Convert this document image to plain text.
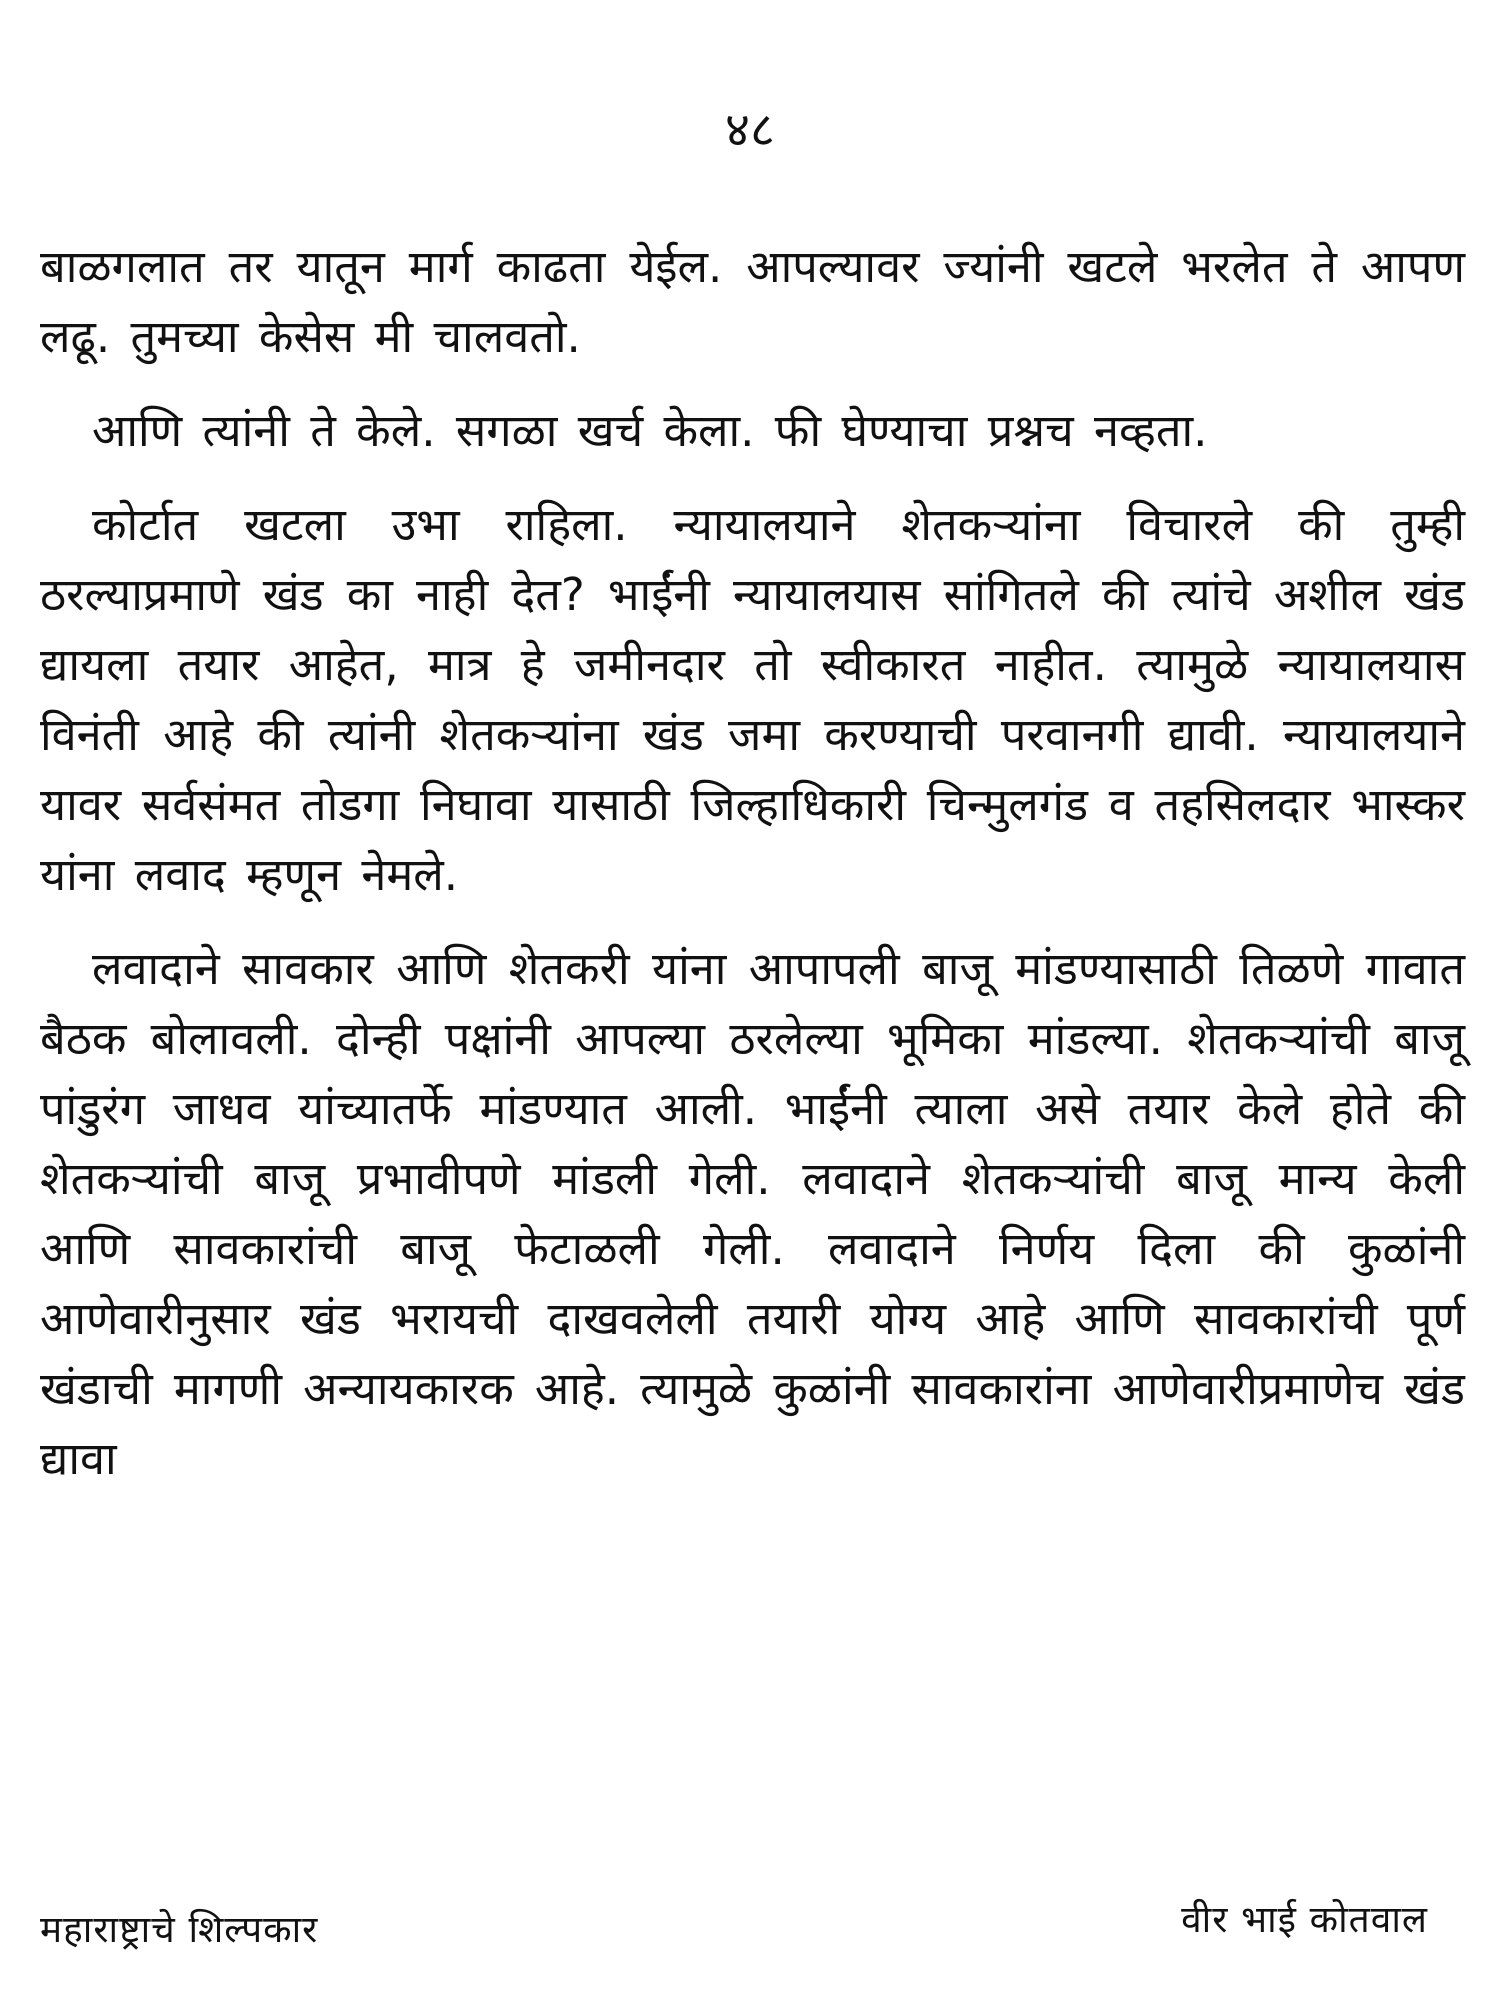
४८

बाळगलात तर यातून मार्ग काढता येईल. आपल्यावर ज्यांनी खटले भरलेत ते आपण लढू. तुमच्या केसेस मी चालवतो.

आणि त्यांनी ते केले. सगळा खर्च केला. फी घेण्याचा प्रश्नच नव्हता.

कोर्टात खटला उभा राहिला. न्यायालयाने शेतकऱ्यांना विचारले की तुम्ही ठरल्याप्रमाणे खंड का नाही देत? भाईंनी न्यायालयास सांगितले की त्यांचे अशील खंड द्यायला तयार आहेत, मात्र हे जमीनदार तो स्वीकारत नाहीत. त्यामुळे न्यायालयास विनंती आहे की त्यांनी शेतकऱ्यांना खंड जमा करण्याची परवानगी द्यावी. न्यायालयाने यावर सर्वसंमत तोडगा निघावा यासाठी जिल्हाधिकारी चिन्मुलगंड व तहसिलदार भास्कर यांना लवाद म्हणून नेमले.

लवादाने सावकार आणि शेतकरी यांना आपापली बाजू मांडण्यासाठी तिळणे गावात बैठक बोलावली. दोन्ही पक्षांनी आपल्या ठरलेल्या भूमिका मांडल्या. शेतकऱ्यांची बाजू पांडुरंग जाधव यांच्यातर्फे मांडण्यात आली. भाईंनी त्याला असे तयार केले होते की शेतकऱ्यांची बाजू प्रभावीपणे मांडली गेली. लवादाने शेतकऱ्यांची बाजू मान्य केली आणि सावकारांची बाजू फेटाळली गेली. लवादाने निर्णय दिला की कुळांनी आणेवारीनुसार खंड भरायची दाखवलेली तयारी योग्य आहे आणि सावकारांची पूर्ण खंडाची मागणी अन्यायकारक आहे. त्यामुळे कुळांनी सावकारांना आणेवारीप्रमाणेच खंड द्यावा

महाराष्ट्राचे शिल्पकार	वीर भाई कोतवाल
